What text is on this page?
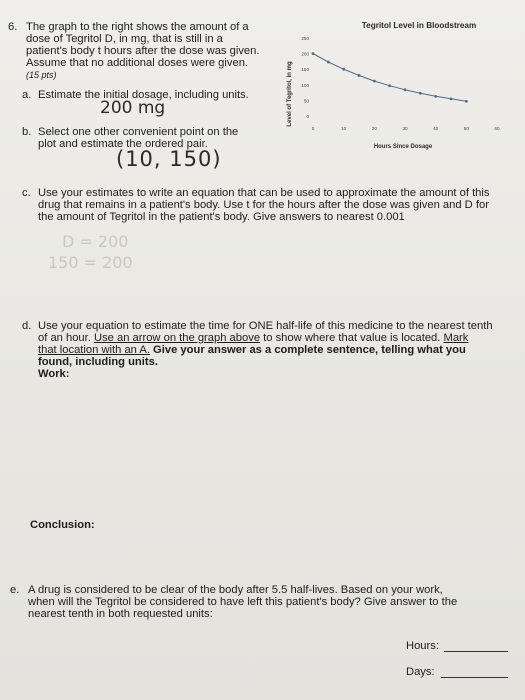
6. The graph to the right shows the amount of a
dose of Tegritol D, in mg, that is still in a
patient's body t hours after the dose was given.
Assume that no additional doses were given.
(15 pts)
a. Estimate the initial dosage, including units.
200 mg
b. Select one other convenient point on the
plot and estimate the ordered pair.
(10, 150)
c. Use your estimates to write an equation that can be used to approximate the amount of this
drug that remains in a patient's body. Use t for the hours after the dose was given and D for
the amount of Tegritol in the patient's body. Give answers to nearest 0.001
D = 200
150 = 200
d. Use your equation to estimate the time for ONE half-life of this medicine to the nearest tenth
of an hour. Use an arrow on the graph above to show where that value is located. Mark
that location with an A. Give your answer as a complete sentence, telling what you
found, including units.
Work:
Conclusion:
e. A drug is considered to be clear of the body after 5.5 half-lives. Based on your work,
when will the Tegritol be considered to have left this patient's body? Give answer to the
nearest tenth in both requested units:
Hours:
Days:
Tegritol Level in Bloodstream
Level of Tegritol, in mg
Hours Since Dosage
0
50
100
150
200
250
0	10	20	30	40	50	60
